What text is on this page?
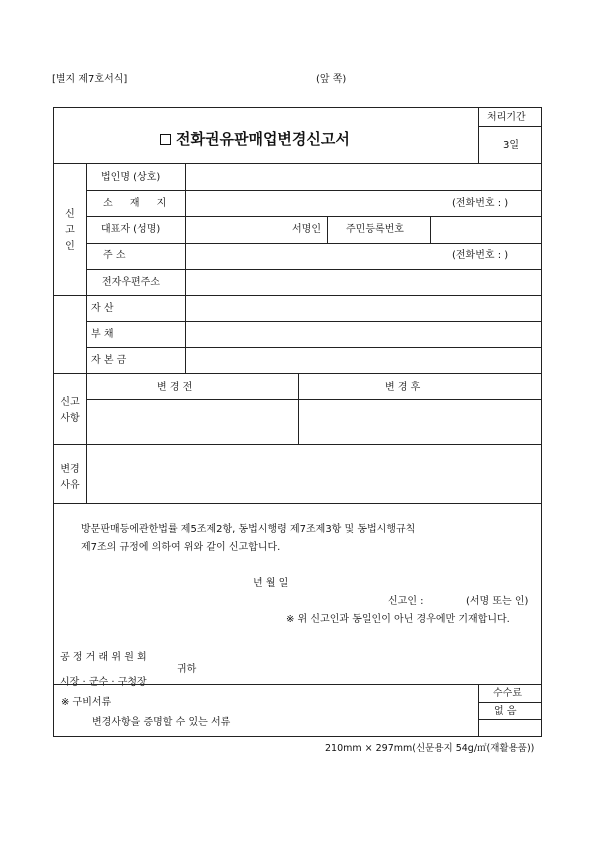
[별지 제7호서식]	(앞 쪽)
전화권유판매업변경신고서
처리기간
3일
신
고
인
법인명 (상호)
소 재 지	(전화번호 : )
대표자 (성명)	서명인	주민등록번호
주 소	(전화번호 : )
전자우편주소
자 산
부 채
자 본 금
신고
사항
변 경 전	변 경 후
변경
사유
방문판매등에관한법률 제5조제2항, 동법시행령 제7조제3항 및 동법시행규칙
제7조의 규정에 의하여 위와 같이 신고합니다.
년 월 일
신고인 :	(서명 또는 인)
※ 위 신고인과 동일인이 아닌 경우에만 기재합니다.
공 정 거 래 위 원 회
귀하
시장 · 군수 · 구청장
※ 구비서류
변경사항을 증명할 수 있는 서류
수수료
없 음
210mm × 297mm(신문용지 54g/㎡(재활용품))
